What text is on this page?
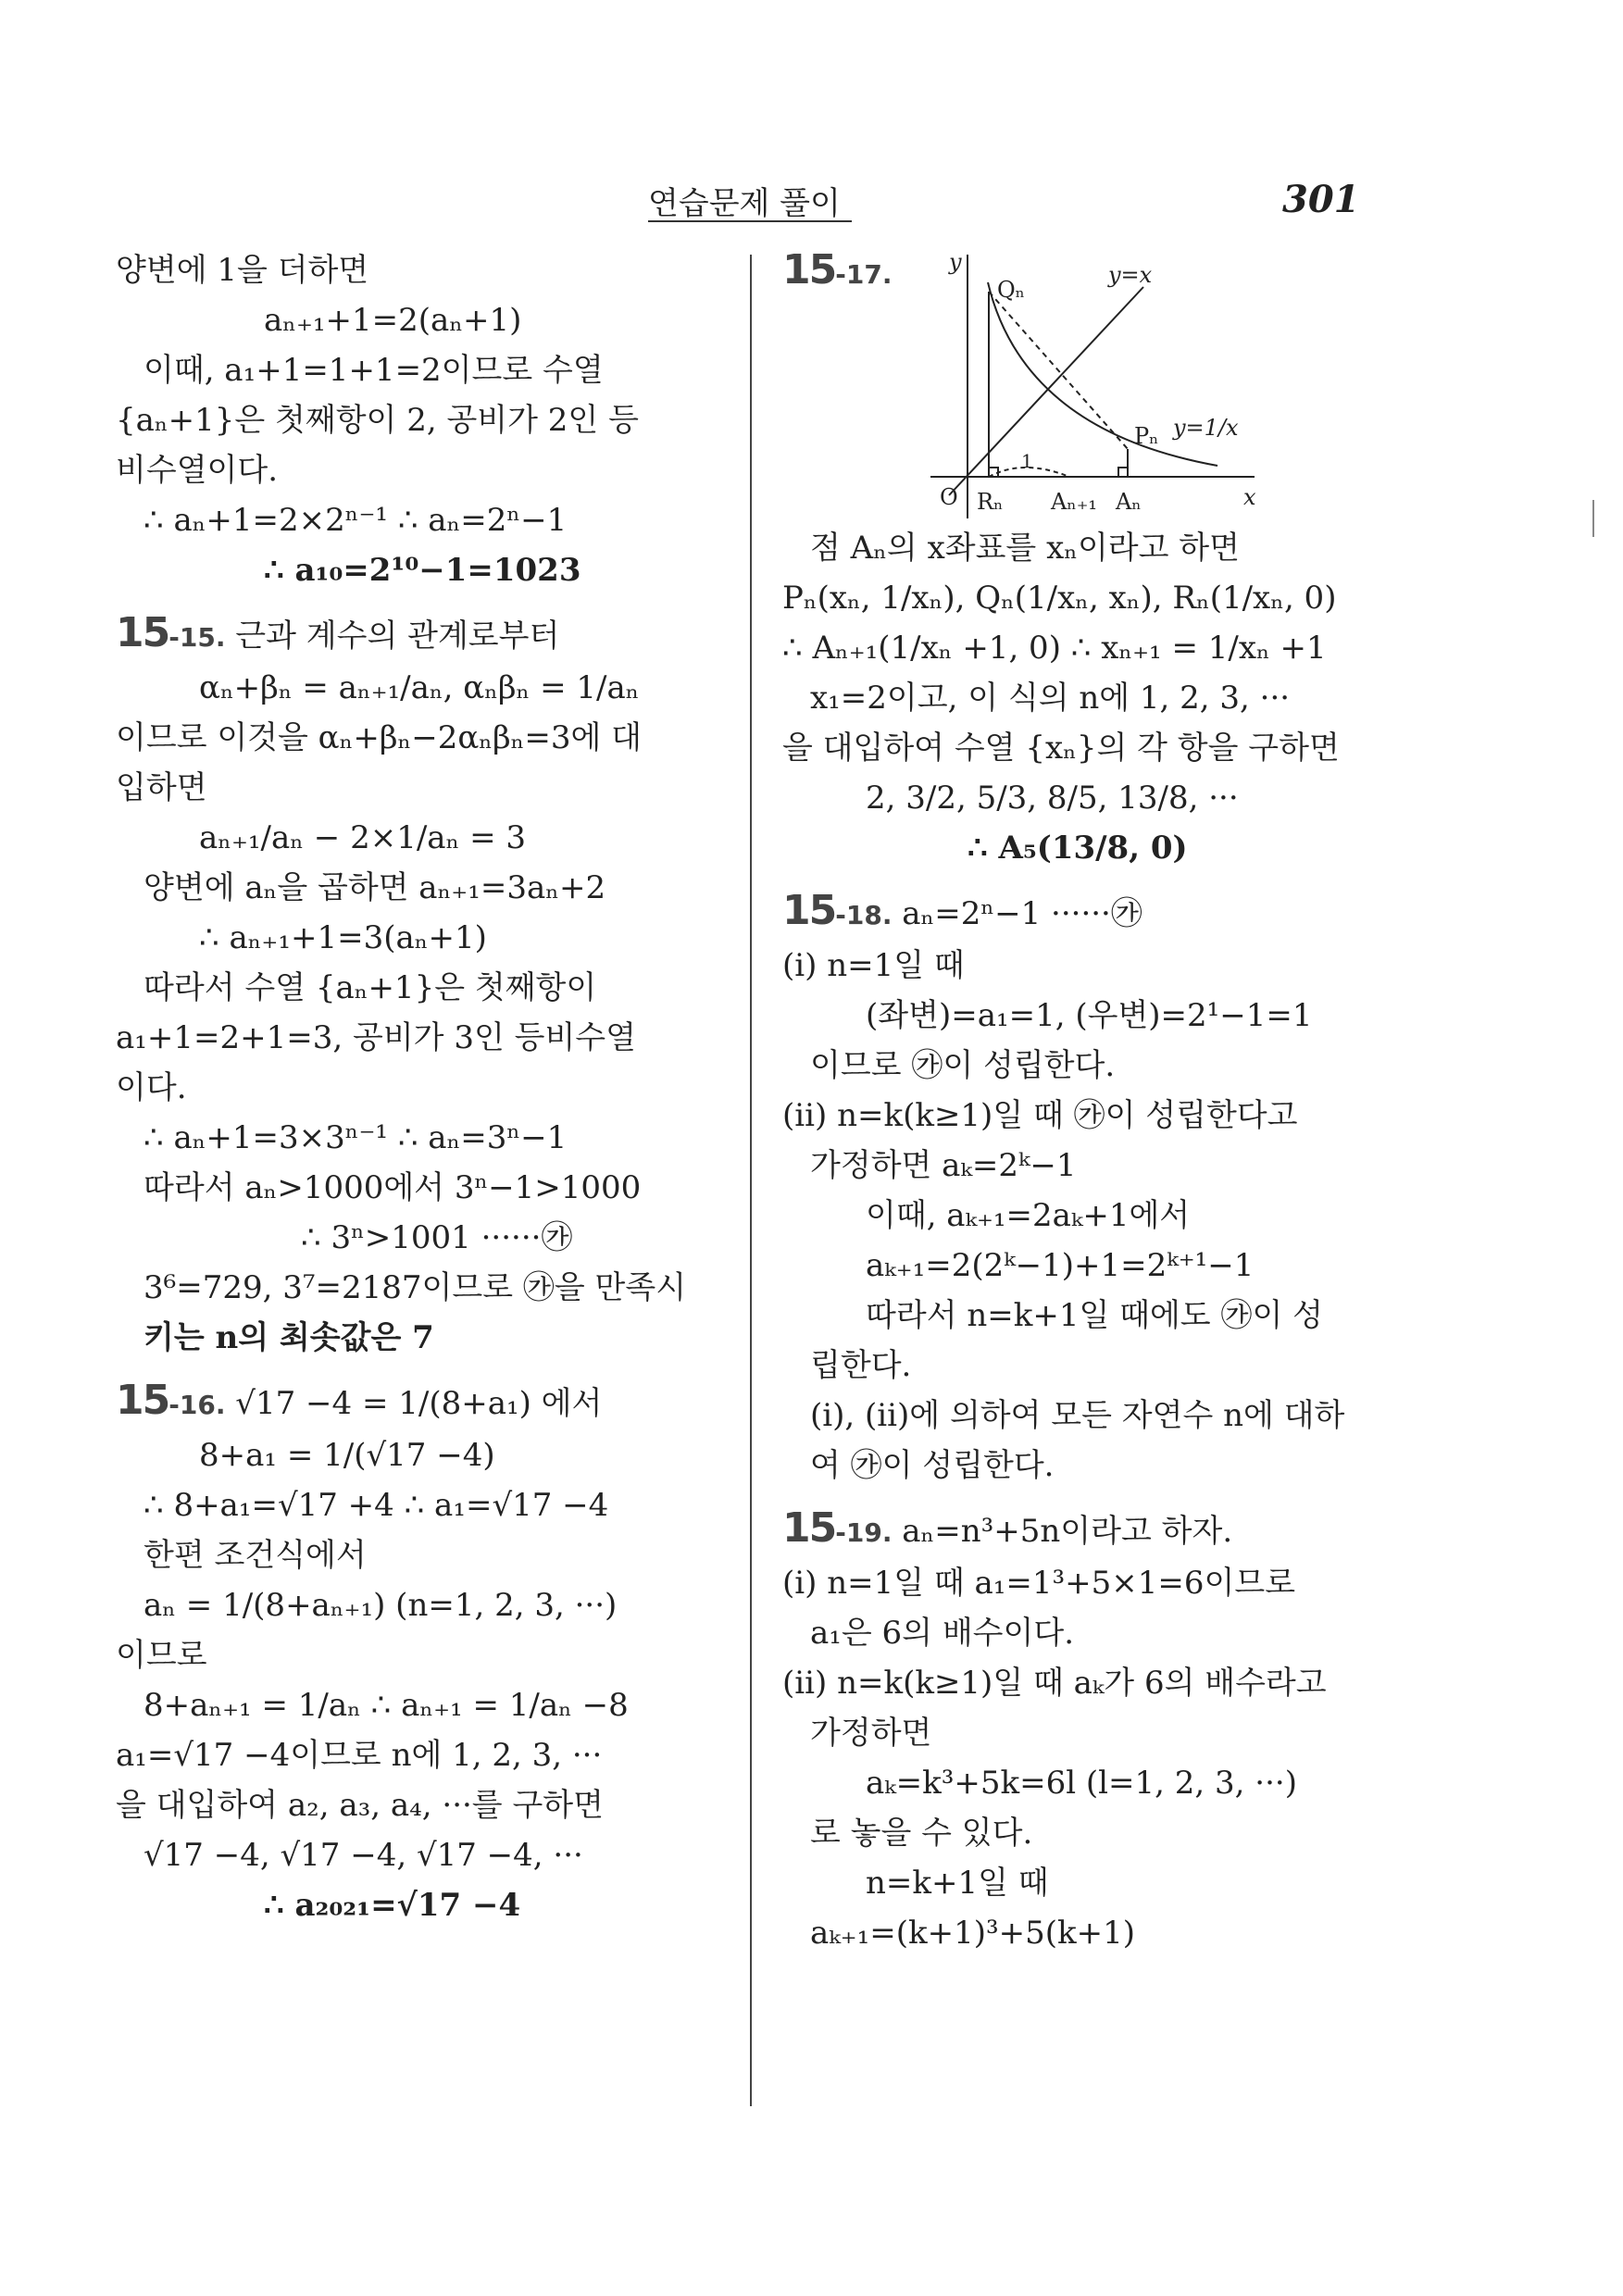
연습문제 풀이	301
양변에 1을 더하면
aₙ₊₁+1=2(aₙ+1)
이때, a₁+1=1+1=2이므로 수열
{aₙ+1}은 첫째항이 2, 공비가 2인 등
비수열이다.
∴ aₙ+1=2×2ⁿ⁻¹ ∴ aₙ=2ⁿ−1
∴ a₁₀=2¹⁰−1=1023
15-15. 근과 계수의 관계로부터
αₙ+βₙ = aₙ₊₁/aₙ, αₙβₙ = 1/aₙ
이므로 이것을 αₙ+βₙ−2αₙβₙ=3에 대
입하면
aₙ₊₁/aₙ − 2×1/aₙ = 3
양변에 aₙ을 곱하면 aₙ₊₁=3aₙ+2
∴ aₙ₊₁+1=3(aₙ+1)
따라서 수열 {aₙ+1}은 첫째항이
a₁+1=2+1=3, 공비가 3인 등비수열
이다.
∴ aₙ+1=3×3ⁿ⁻¹ ∴ aₙ=3ⁿ−1
따라서 aₙ>1000에서 3ⁿ−1>1000
∴ 3ⁿ>1001 ······㉮
3⁶=729, 3⁷=2187이므로 ㉮을 만족시
키는 n의 최솟값은 7
15-16. √17 −4 = 1/(8+a₁) 에서
8+a₁ = 1/(√17 −4)
∴ 8+a₁=√17 +4 ∴ a₁=√17 −4
한편 조건식에서
aₙ = 1/(8+aₙ₊₁) (n=1, 2, 3, ···)
이므로
8+aₙ₊₁ = 1/aₙ ∴ aₙ₊₁ = 1/aₙ −8
a₁=√17 −4이므로 n에 1, 2, 3, ···
을 대입하여 a₂, a₃, a₄, ···를 구하면
√17 −4, √17 −4, √17 −4, ···
∴ a₂₀₂₁=√17 −4
15-17.	y
x
O
Qₙ
Pₙ
Rₙ Aₙ₊₁ Aₙ
y=x
y=1/x
1
점 Aₙ의 x좌표를 xₙ이라고 하면
Pₙ(xₙ, 1/xₙ), Qₙ(1/xₙ, xₙ), Rₙ(1/xₙ, 0)
∴ Aₙ₊₁(1/xₙ +1, 0) ∴ xₙ₊₁ = 1/xₙ +1
x₁=2이고, 이 식의 n에 1, 2, 3, ···
을 대입하여 수열 {xₙ}의 각 항을 구하면
2, 3/2, 5/3, 8/5, 13/8, ···
∴ A₅(13/8, 0)
15-18. aₙ=2ⁿ−1 ······㉮
(i) n=1일 때
(좌변)=a₁=1, (우변)=2¹−1=1
이므로 ㉮이 성립한다.
(ii) n=k(k≥1)일 때 ㉮이 성립한다고
가정하면 aₖ=2ᵏ−1
이때, aₖ₊₁=2aₖ+1에서
aₖ₊₁=2(2ᵏ−1)+1=2ᵏ⁺¹−1
따라서 n=k+1일 때에도 ㉮이 성
립한다.
(i), (ii)에 의하여 모든 자연수 n에 대하
여 ㉮이 성립한다.
15-19. aₙ=n³+5n이라고 하자.
(i) n=1일 때 a₁=1³+5×1=6이므로
a₁은 6의 배수이다.
(ii) n=k(k≥1)일 때 aₖ가 6의 배수라고
가정하면
aₖ=k³+5k=6l (l=1, 2, 3, ···)
로 놓을 수 있다.
n=k+1일 때
aₖ₊₁=(k+1)³+5(k+1)
